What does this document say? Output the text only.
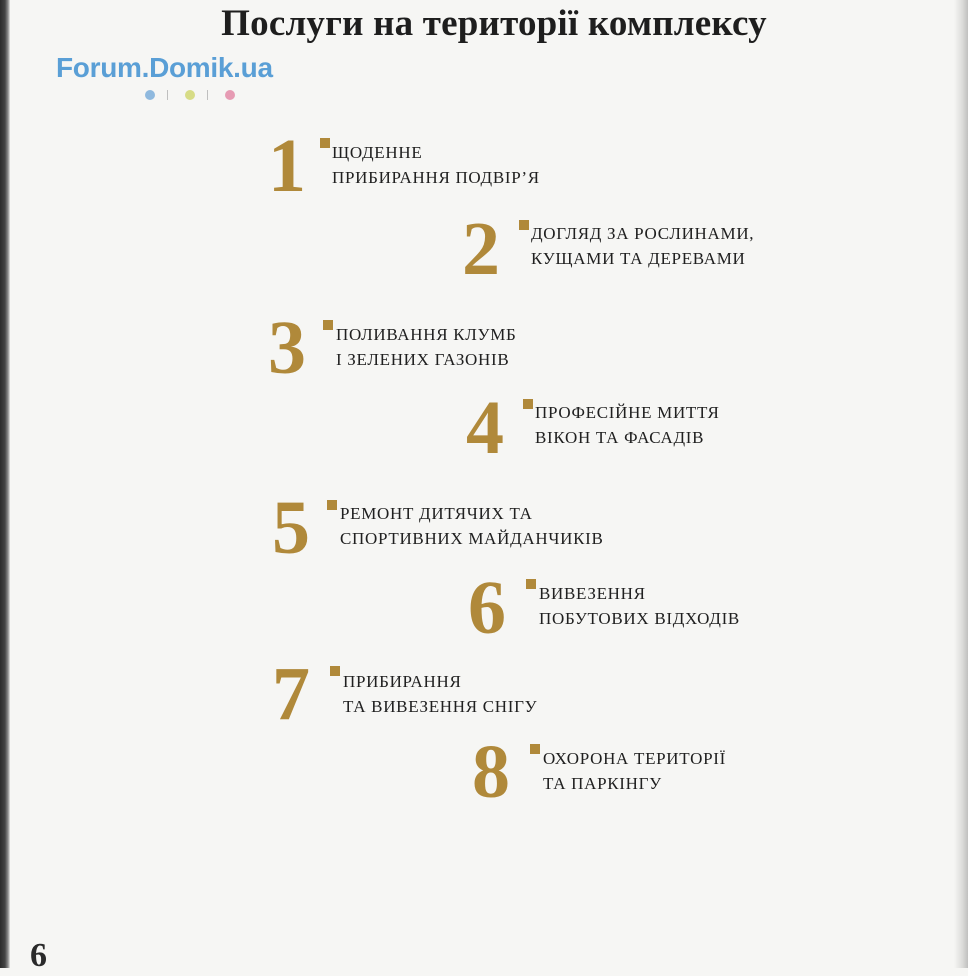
Послуги на території комплексу
Forum.Domik.ua
1 ЩОДЕННЕ
ПРИБИРАННЯ ПОДВІР’Я
2 ДОГЛЯД ЗА РОСЛИНАМИ,
КУЩАМИ ТА ДЕРЕВАМИ
3 ПОЛИВАННЯ КЛУМБ
І ЗЕЛЕНИХ ГАЗОНІВ
4 ПРОФЕСІЙНЕ МИТТЯ
ВІКОН ТА ФАСАДІВ
5 РЕМОНТ ДИТЯЧИХ ТА
СПОРТИВНИХ МАЙДАНЧИКІВ
6 ВИВЕЗЕННЯ
ПОБУТОВИХ ВІДХОДІВ
7 ПРИБИРАННЯ
ТА ВИВЕЗЕННЯ СНІГУ
8 ОХОРОНА ТЕРИТОРІЇ
ТА ПАРКІНГУ
6
